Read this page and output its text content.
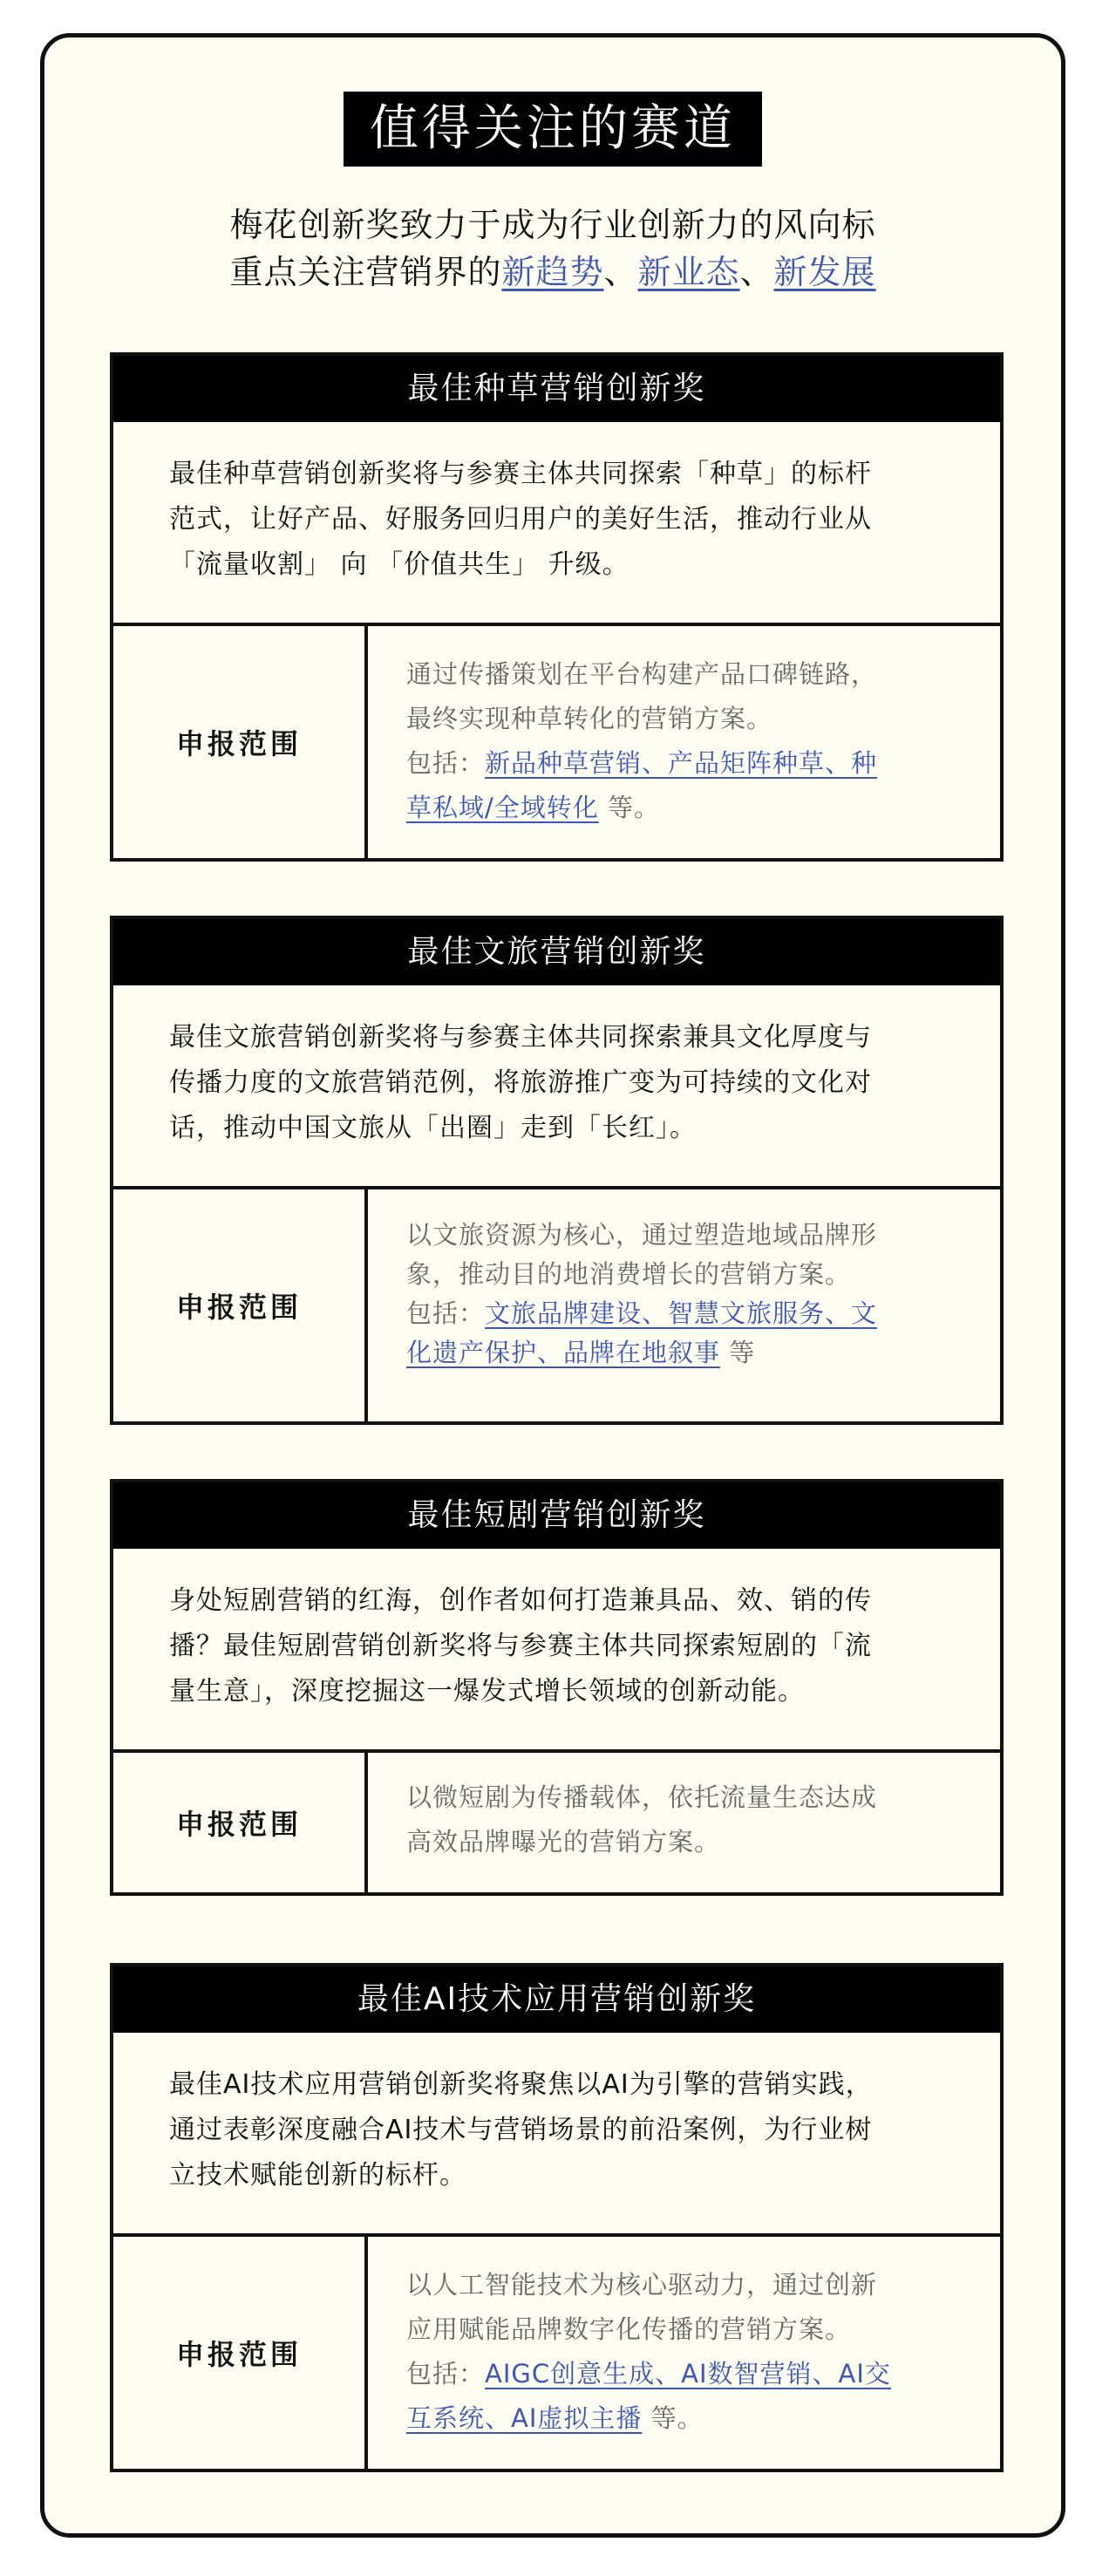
值得关注的赛道
梅花创新奖致力于成为行业创新力的风向标
重点关注营销界的新趋势、新业态、新发展
最佳种草营销创新奖
最佳种草营销创新奖将与参赛主体共同探索「种草」的标杆
范式，让好产品、好服务回归用户的美好生活，推动行业从
「流量收割」 向 「价值共生」 升级。
申报范围
通过传播策划在平台构建产品口碑链路，
最终实现种草转化的营销方案。
包括：新品种草营销、产品矩阵种草、种
草私域/全域转化 等。
最佳文旅营销创新奖
最佳文旅营销创新奖将与参赛主体共同探索兼具文化厚度与
传播力度的文旅营销范例，将旅游推广变为可持续的文化对
话，推动中国文旅从「出圈」走到「长红」。
申报范围
以文旅资源为核心，通过塑造地域品牌形
象，推动目的地消费增长的营销方案。
包括：文旅品牌建设、智慧文旅服务、文
化遗产保护、品牌在地叙事 等
最佳短剧营销创新奖
身处短剧营销的红海，创作者如何打造兼具品、效、销的传
播？最佳短剧营销创新奖将与参赛主体共同探索短剧的「流
量生意」，深度挖掘这一爆发式增长领域的创新动能。
申报范围
以微短剧为传播载体，依托流量生态达成
高效品牌曝光的营销方案。
最佳AI技术应用营销创新奖
最佳AI技术应用营销创新奖将聚焦以AI为引擎的营销实践，
通过表彰深度融合AI技术与营销场景的前沿案例，为行业树
立技术赋能创新的标杆。
申报范围
以人工智能技术为核心驱动力，通过创新
应用赋能品牌数字化传播的营销方案。
包括：AIGC创意生成、AI数智营销、AI交
互系统、AI虚拟主播 等。
